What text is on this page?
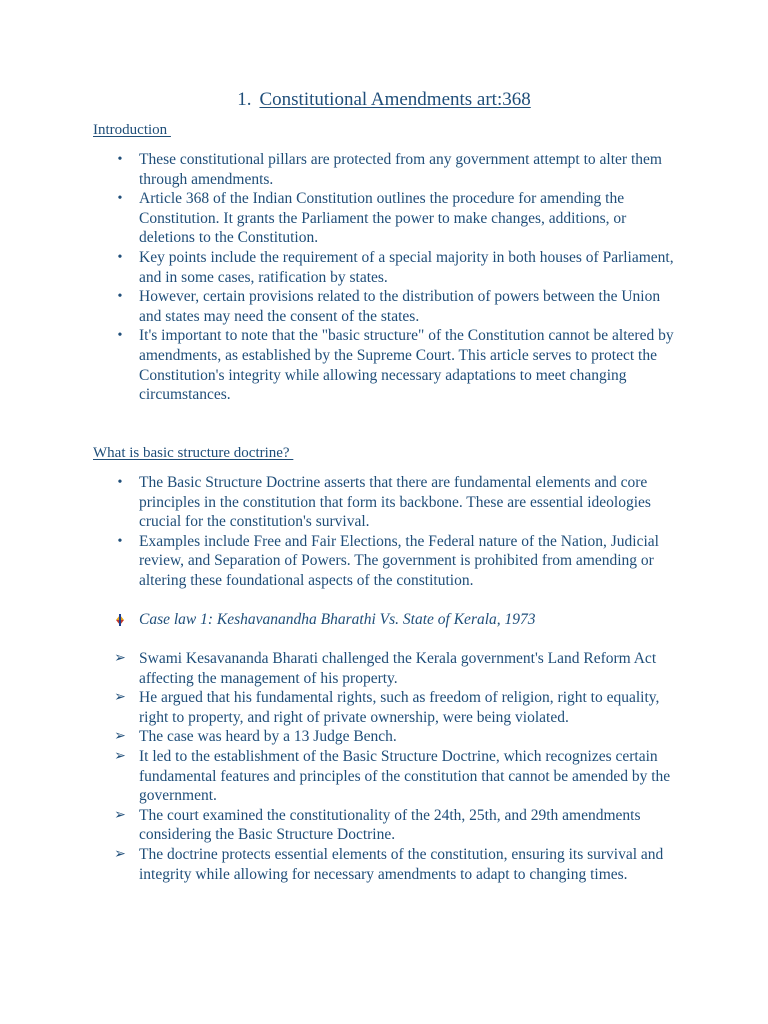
1. Constitutional Amendments art:368
Introduction
• These constitutional pillars are protected from any government attempt to alter them through amendments.
• Article 368 of the Indian Constitution outlines the procedure for amending the Constitution. It grants the Parliament the power to make changes, additions, or deletions to the Constitution.
• Key points include the requirement of a special majority in both houses of Parliament, and in some cases, ratification by states.
• However, certain provisions related to the distribution of powers between the Union and states may need the consent of the states.
• It's important to note that the "basic structure" of the Constitution cannot be altered by amendments, as established by the Supreme Court. This article serves to protect the Constitution's integrity while allowing necessary adaptations to meet changing circumstances.
What is basic structure doctrine?
• The Basic Structure Doctrine asserts that there are fundamental elements and core principles in the constitution that form its backbone. These are essential ideologies crucial for the constitution's survival.
• Examples include Free and Fair Elections, the Federal nature of the Nation, Judicial review, and Separation of Powers. The government is prohibited from amending or altering these foundational aspects of the constitution.
Case law 1: Keshavanandha Bharathi Vs. State of Kerala, 1973
➢ Swami Kesavananda Bharati challenged the Kerala government's Land Reform Act affecting the management of his property.
➢ He argued that his fundamental rights, such as freedom of religion, right to equality, right to property, and right of private ownership, were being violated.
➢ The case was heard by a 13 Judge Bench.
➢ It led to the establishment of the Basic Structure Doctrine, which recognizes certain fundamental features and principles of the constitution that cannot be amended by the government.
➢ The court examined the constitutionality of the 24th, 25th, and 29th amendments considering the Basic Structure Doctrine.
➢ The doctrine protects essential elements of the constitution, ensuring its survival and integrity while allowing for necessary amendments to adapt to changing times.
